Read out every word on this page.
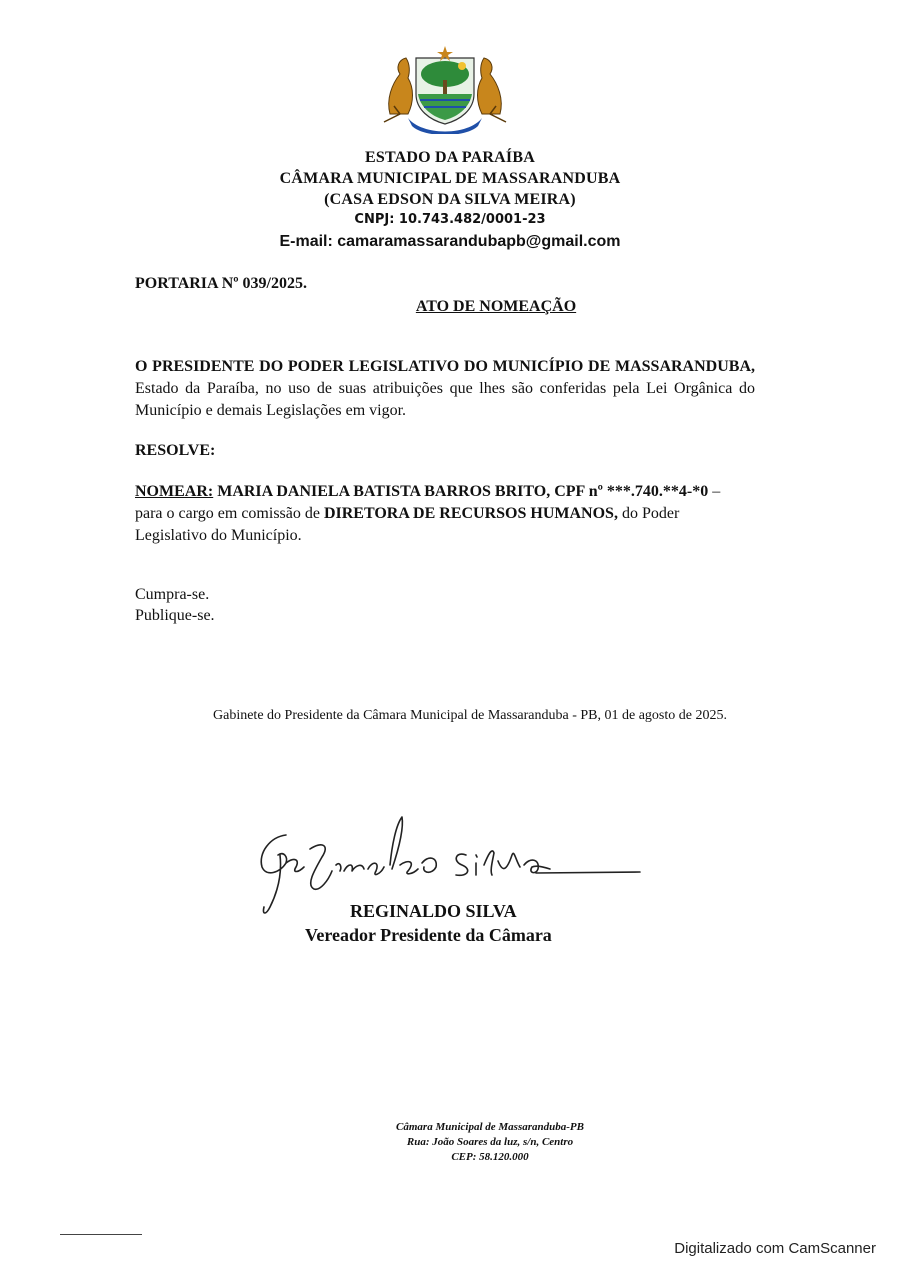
ESTADO DA PARAÍBA
CÂMARA MUNICIPAL DE MASSARANDUBA
(CASA EDSON DA SILVA MEIRA)
CNPJ: 10.743.482/0001-23
E-mail: camaramassarandubapb@gmail.com
PORTARIA Nº 039/2025.
ATO DE NOMEAÇÃO
O PRESIDENTE DO PODER LEGISLATIVO DO MUNICÍPIO DE MASSARANDUBA, Estado da Paraíba, no uso de suas atribuições que lhes são conferidas pela Lei Orgânica do Município e demais Legislações em vigor.
RESOLVE:
NOMEAR: MARIA DANIELA BATISTA BARROS BRITO, CPF nº ***.740.**4-*0 – para o cargo em comissão de DIRETORA DE RECURSOS HUMANOS, do Poder Legislativo do Município.
Cumpra-se.
Publique-se.
Gabinete do Presidente da Câmara Municipal de Massaranduba - PB, 01 de agosto de 2025.
REGINALDO SILVA
Vereador Presidente da Câmara
Câmara Municipal de Massaranduba-PB
Rua: João Soares da luz, s/n, Centro
CEP: 58.120.000
Digitalizado com CamScanner
